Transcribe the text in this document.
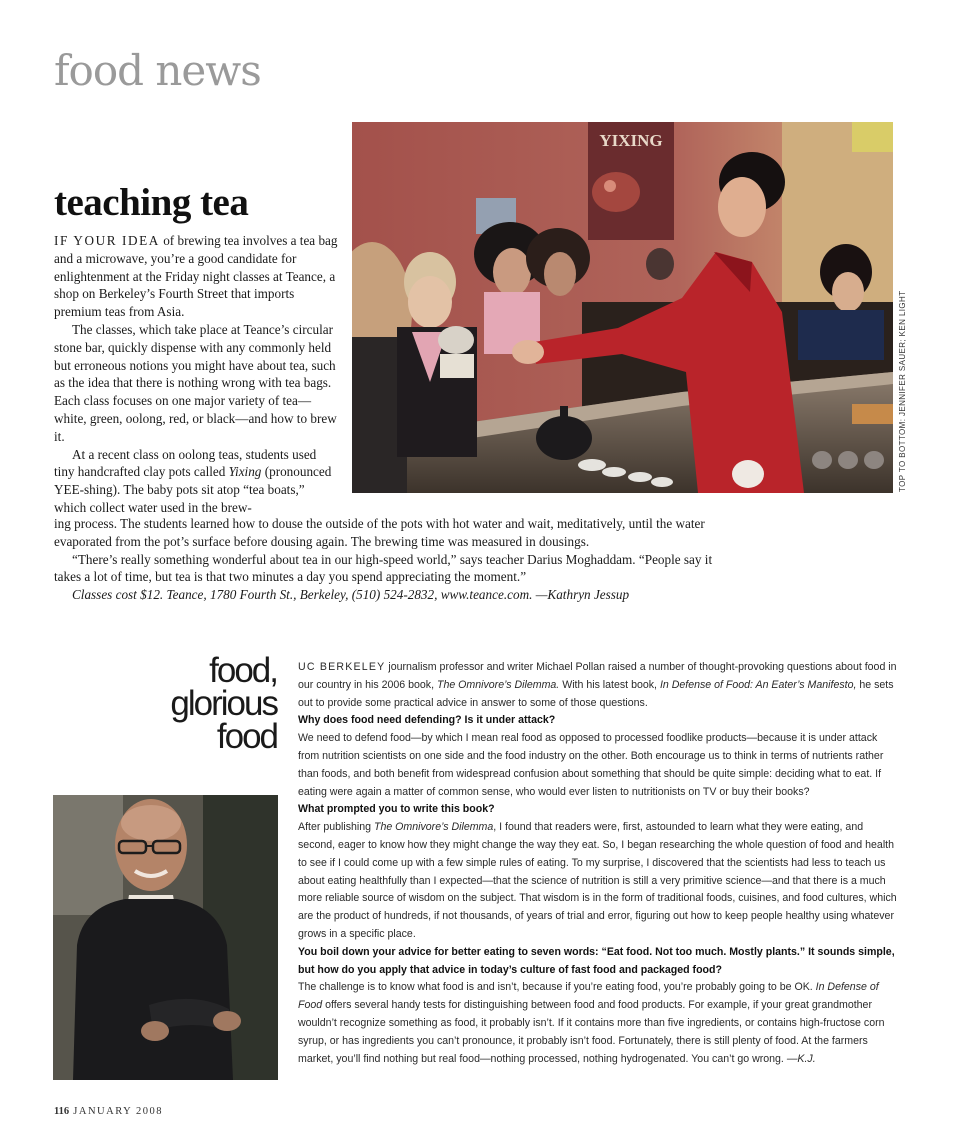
food news
teaching tea
YIXING
TOP TO BOTTOM: JENNIFER SAUER; KEN LIGHT

IF YOUR IDEA of brewing tea involves a tea bag and a microwave, you’re a good candidate for enlightenment at the Friday night classes at Teance, a shop on Berkeley’s Fourth Street that imports premium teas from Asia.

The classes, which take place at Teance’s circular stone bar, quickly dispense with any commonly held but erroneous notions you might have about tea, such as the idea that there is nothing wrong with tea bags. Each class focuses on one major variety of tea—white, green, oolong, red, or black—and how to brew it.

At a recent class on oolong teas, students used tiny handcrafted clay pots called Yixing (pronounced YEE-shing). The baby pots sit atop “tea boats,” which collect water used in the brew-

ing process. The students learned how to douse the outside of the pots with hot water and wait, meditatively, until the water evaporated from the pot’s surface before dousing again. The brewing time was measured in dousings.

“There’s really something wonderful about tea in our high-speed world,” says teacher Darius Moghaddam. “People say it takes a lot of time, but tea is that two minutes a day you spend appreciating the moment.”

Classes cost $12. Teance, 1780 Fourth St., Berkeley, (510) 524-2832, www.teance.com. —Kathryn Jessup

food,
glorious
food

UC BERKELEY journalism professor and writer Michael Pollan raised a number of thought-provoking questions about food in our country in his 2006 book, The Omnivore’s Dilemma. With his latest book, In Defense of Food: An Eater’s Manifesto, he sets out to provide some practical advice in answer to some of those questions.

Why does food need defending? Is it under attack?

We need to defend food—by which I mean real food as opposed to processed foodlike products—because it is under attack from nutrition scientists on one side and the food industry on the other. Both encourage us to think in terms of nutrients rather than foods, and both benefit from widespread confusion about something that should be quite simple: deciding what to eat. If eating were again a matter of common sense, who would ever listen to nutritionists on TV or buy their books?

What prompted you to write this book?

After publishing The Omnivore’s Dilemma, I found that readers were, first, astounded to learn what they were eating, and second, eager to know how they might change the way they eat. So, I began researching the whole question of food and health to see if I could come up with a few simple rules of eating. To my surprise, I discovered that the scientists had less to teach us about eating healthfully than I expected—that the science of nutrition is still a very primitive science—and that there is a much more reliable source of wisdom on the subject. That wisdom is in the form of traditional foods, cuisines, and food cultures, which are the product of hundreds, if not thousands, of years of trial and error, figuring out how to keep people healthy using whatever grows in a specific place.

You boil down your advice for better eating to seven words: “Eat food. Not too much. Mostly plants.” It sounds simple, but how do you apply that advice in today’s culture of fast food and packaged food?

The challenge is to know what food is and isn’t, because if you’re eating food, you’re probably going to be OK. In Defense of Food offers several handy tests for distinguishing between food and food products. For example, if your great grandmother wouldn’t recognize something as food, it probably isn’t. If it contains more than five ingredients, or contains high-fructose corn syrup, or has ingredients you can’t pronounce, it probably isn’t food. Fortunately, there is still plenty of food. At the farmers market, you’ll find nothing but real food—nothing processed, nothing hydrogenated. You can’t go wrong. —K.J.

116 JANUARY 2008
